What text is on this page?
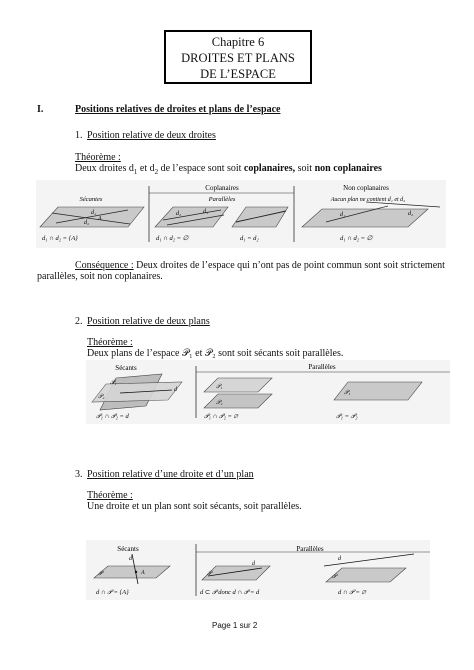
Chapitre 6
DROITES ET PLANS
DE L’ESPACE
I.	Positions relatives de droites et plans de l’espace
1. Position relative de deux droites
Théorème :
Deux droites $d_1$ et $d_2$ de l’espace sont soit coplanaires, soit non coplanaires
Coplanaires	Non coplanaires
Sécantes	Parallèles	Aucun plan ne contient d₁ et d₂
d₁
d₂
A
d₂	d₁	d₁	d₂
d₁ ∩ d₂ = {A}	d₁ ∩ d₂ = ∅	d₁ = d₂	d₁ ∩ d₂ = ∅
Conséquence : Deux droites de l’espace qui n’ont pas de point commun sont soit strictement
parallèles, soit non coplanaires.
2. Position relative de deux plans
Théorème :
Deux plans de l’espace 𝒫₁ et 𝒫₂ sont soit sécants soit parallèles.
Sécants	Parallèles
𝒫₁
𝒫₂
d	𝒫₁
𝒫₂
𝒫₁
𝒫₁ ∩ 𝒫₂ = d	𝒫₁ ∩ 𝒫₂ = ∅	𝒫₁ = 𝒫₂
3. Position relative d’une droite et d’un plan
Théorème :
Une droite et un plan sont soit sécants, soit parallèles.
Sécants	Parallèles
d
A
𝒫
d
𝒫
d
𝒫
d ∩ 𝒫 = {A}	d ⊂ 𝒫 donc d ∩ 𝒫 = d	d ∩ 𝒫 = ∅
Page 1 sur 2
